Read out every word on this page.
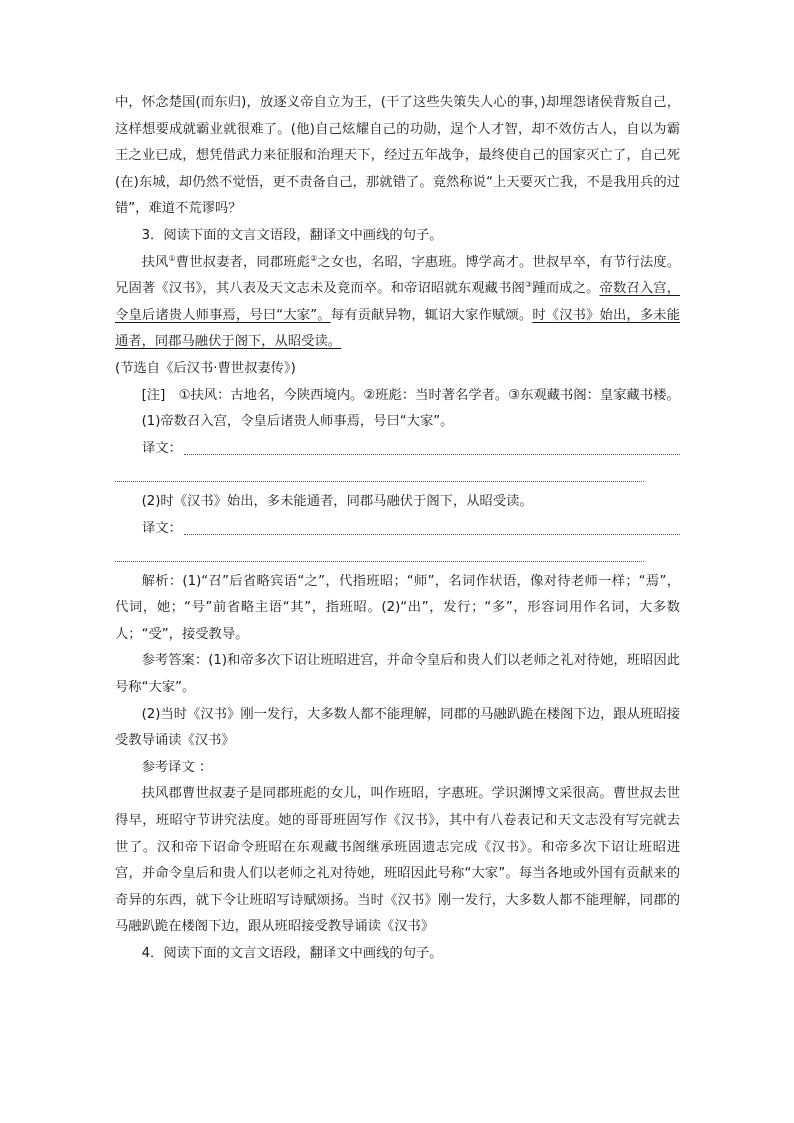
中，怀念楚国(而东归)，放逐义帝自立为王，(干了这些失策失人心的事，)却埋怨诸侯背叛自己，这样想要成就霸业就很难了。(他)自己炫耀自己的功勋，逞个人才智，却不效仿古人，自以为霸王之业已成，想凭借武力来征服和治理天下，经过五年战争，最终使自己的国家灭亡了，自己死(在)东城，却仍然不觉悟，更不责备自己，那就错了。竟然称说“上天要灭亡我，不是我用兵的过错”，难道不荒谬吗？

3．阅读下面的文言文语段，翻译文中画线的句子。

扶风①曹世叔妻者，同郡班彪②之女也，名昭，字惠班。博学高才。世叔早卒，有节行法度。兄固著《汉书》，其八表及天文志未及竟而卒。和帝诏昭就东观藏书阁③踵而成之。帝数召入宫，令皇后诸贵人师事焉，号曰“大家”。每有贡献异物，辄诏大家作赋颂。时《汉书》始出，多未能通者，同郡马融伏于阁下，从昭受读。

(节选自《后汉书·曹世叔妻传》)

[注]　①扶风：古地名，今陕西境内。②班彪：当时著名学者。③东观藏书阁：皇家藏书楼。

(1)帝数召入宫，令皇后诸贵人师事焉，号曰“大家”。

译文：

(2)时《汉书》始出，多未能通者，同郡马融伏于阁下，从昭受读。

译文：

解析：(1)“召”后省略宾语“之”，代指班昭；“师”，名词作状语，像对待老师一样；“焉”，代词，她；“号”前省略主语“其”，指班昭。(2)“出”，发行；“多”，形容词用作名词，大多数人；“受”，接受教导。

参考答案：(1)和帝多次下诏让班昭进宫，并命令皇后和贵人们以老师之礼对待她，班昭因此号称“大家”。

(2)当时《汉书》刚一发行，大多数人都不能理解，同郡的马融趴跪在楼阁下边，跟从班昭接受教导诵读《汉书》

参考译文 ：

扶风郡曹世叔妻子是同郡班彪的女儿，叫作班昭，字惠班。学识渊博文采很高。曹世叔去世得早，班昭守节讲究法度。她的哥哥班固写作《汉书》，其中有八卷表记和天文志没有写完就去世了。汉和帝下诏命令班昭在东观藏书阁继承班固遗志完成《汉书》。和帝多次下诏让班昭进宫，并命令皇后和贵人们以老师之礼对待她，班昭因此号称“大家”。每当各地或外国有贡献来的奇异的东西，就下令让班昭写诗赋颂扬。当时《汉书》刚一发行，大多数人都不能理解，同郡的马融趴跪在楼阁下边，跟从班昭接受教导诵读《汉书》

4．阅读下面的文言文语段，翻译文中画线的句子。
